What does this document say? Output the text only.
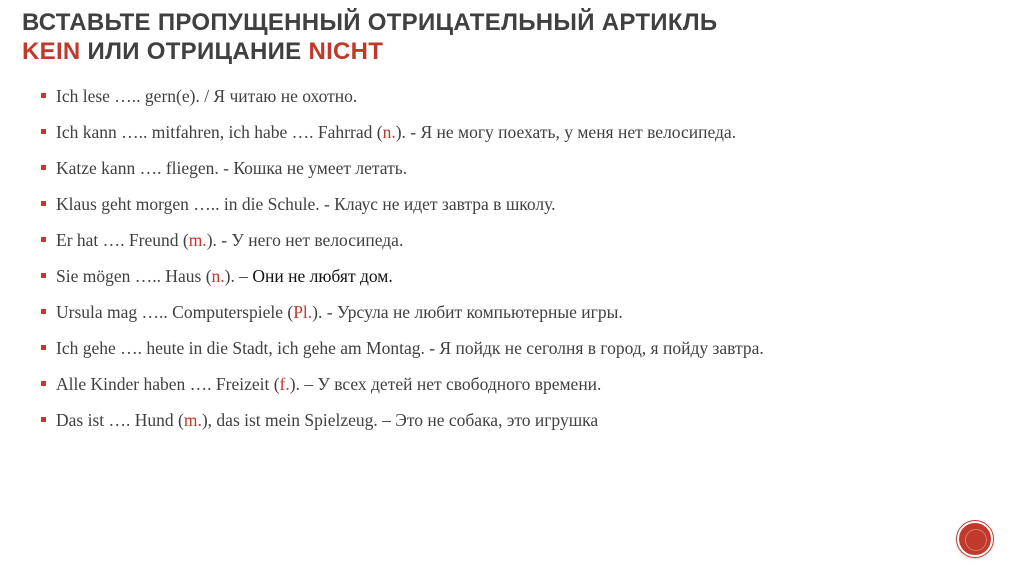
ВСТАВЬТЕ ПРОПУЩЕННЫЙ ОТРИЦАТЕЛЬНЫЙ АРТИКЛЬ
KEIN ИЛИ ОТРИЦАНИЕ NICHT
Ich lese ….. gern(e). / Я читаю не охотно.
Ich kann ….. mitfahren, ich habe …. Fahrrad (n.). - Я не могу поехать, у меня нет велосипеда.
Katze kann …. fliegen. - Кошка не умеет летать.
Klaus geht morgen ….. in die Schule. - Клаус не идет завтра в школу.
Er hat …. Freund (m.). - У него нет велосипеда.
Sie mögen ….. Haus (n.). – Они не любят дом.
Ursula mag ….. Computerspiele (Pl.). - Урсула не любит компьютерные игры.
Ich gehe …. heute in die Stadt, ich gehe am Montag. - Я пойдк не сеголня в город, я пойду завтра.
Alle Kinder haben …. Freizeit (f.). – У всех детей нет свободного времени.
Das ist …. Hund (m.), das ist mein Spielzeug. – Это не собака, это игрушка
